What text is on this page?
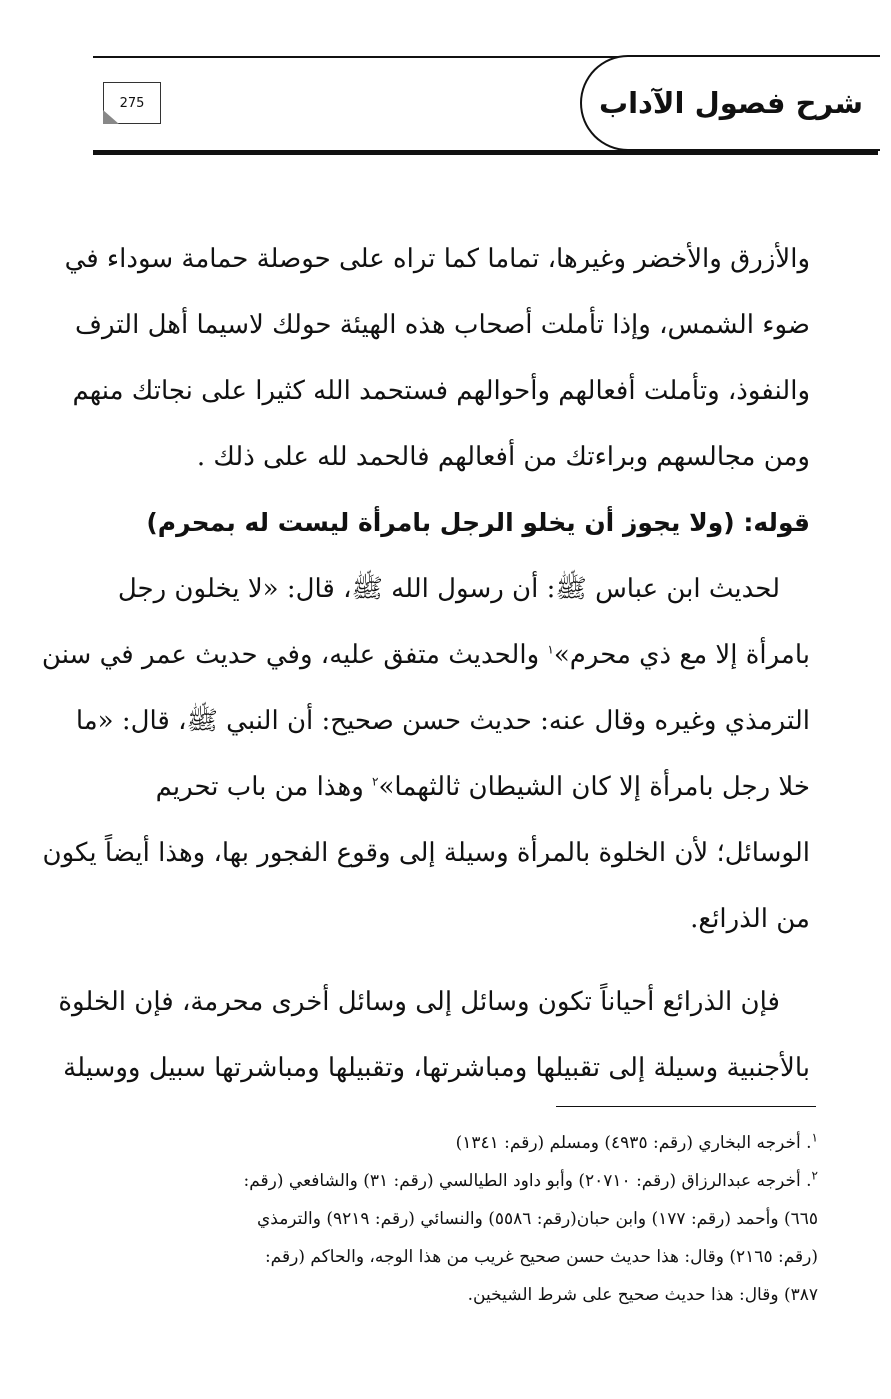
شرح فصول الآداب
275
والأزرق والأخضر وغيرها، تماما كما تراه على حوصلة حمامة سوداء في
ضوء الشمس، وإذا تأملت أصحاب هذه الهيئة حولك لاسيما أهل الترف
والنفوذ، وتأملت أفعالهم وأحوالهم فستحمد الله كثيرا على نجاتك منهم
ومن مجالسهم وبراءتك من أفعالهم فالحمد لله على ذلك .
قوله: (ولا يجوز أن يخلو الرجل بامرأة ليست له بمحرم)
لحديث ابن عباس ﷺ: أن رسول الله ﷺ، قال: «لا يخلون رجل
بامرأة إلا مع ذي محرم»$^١$ والحديث متفق عليه، وفي حديث عمر في سنن
الترمذي وغيره وقال عنه: حديث حسن صحيح: أن النبي ﷺ، قال: «ما
خلا رجل بامرأة إلا كان الشيطان ثالثهما»$^٢$ وهذا من باب تحريم
الوسائل؛ لأن الخلوة بالمرأة وسيلة إلى وقوع الفجور بها، وهذا أيضاً يكون
من الذرائع.
فإن الذرائع أحياناً تكون وسائل إلى وسائل أخرى محرمة، فإن الخلوة
بالأجنبية وسيلة إلى تقبيلها ومباشرتها، وتقبيلها ومباشرتها سبيل ووسيلة
$^١$. أخرجه البخاري (رقم: ٤٩٣٥) ومسلم (رقم: ١٣٤١)
$^٢$. أخرجه عبدالرزاق (رقم: ٢٠٧١٠) وأبو داود الطيالسي (رقم: ٣١) والشافعي (رقم:
٦٦٥) وأحمد (رقم: ١٧٧) وابن حبان(رقم: ٥٥٨٦) والنسائي (رقم: ٩٢١٩) والترمذي
(رقم: ٢١٦٥) وقال: هذا حديث حسن صحيح غريب من هذا الوجه، والحاكم (رقم:
٣٨٧) وقال: هذا حديث صحيح على شرط الشيخين.
